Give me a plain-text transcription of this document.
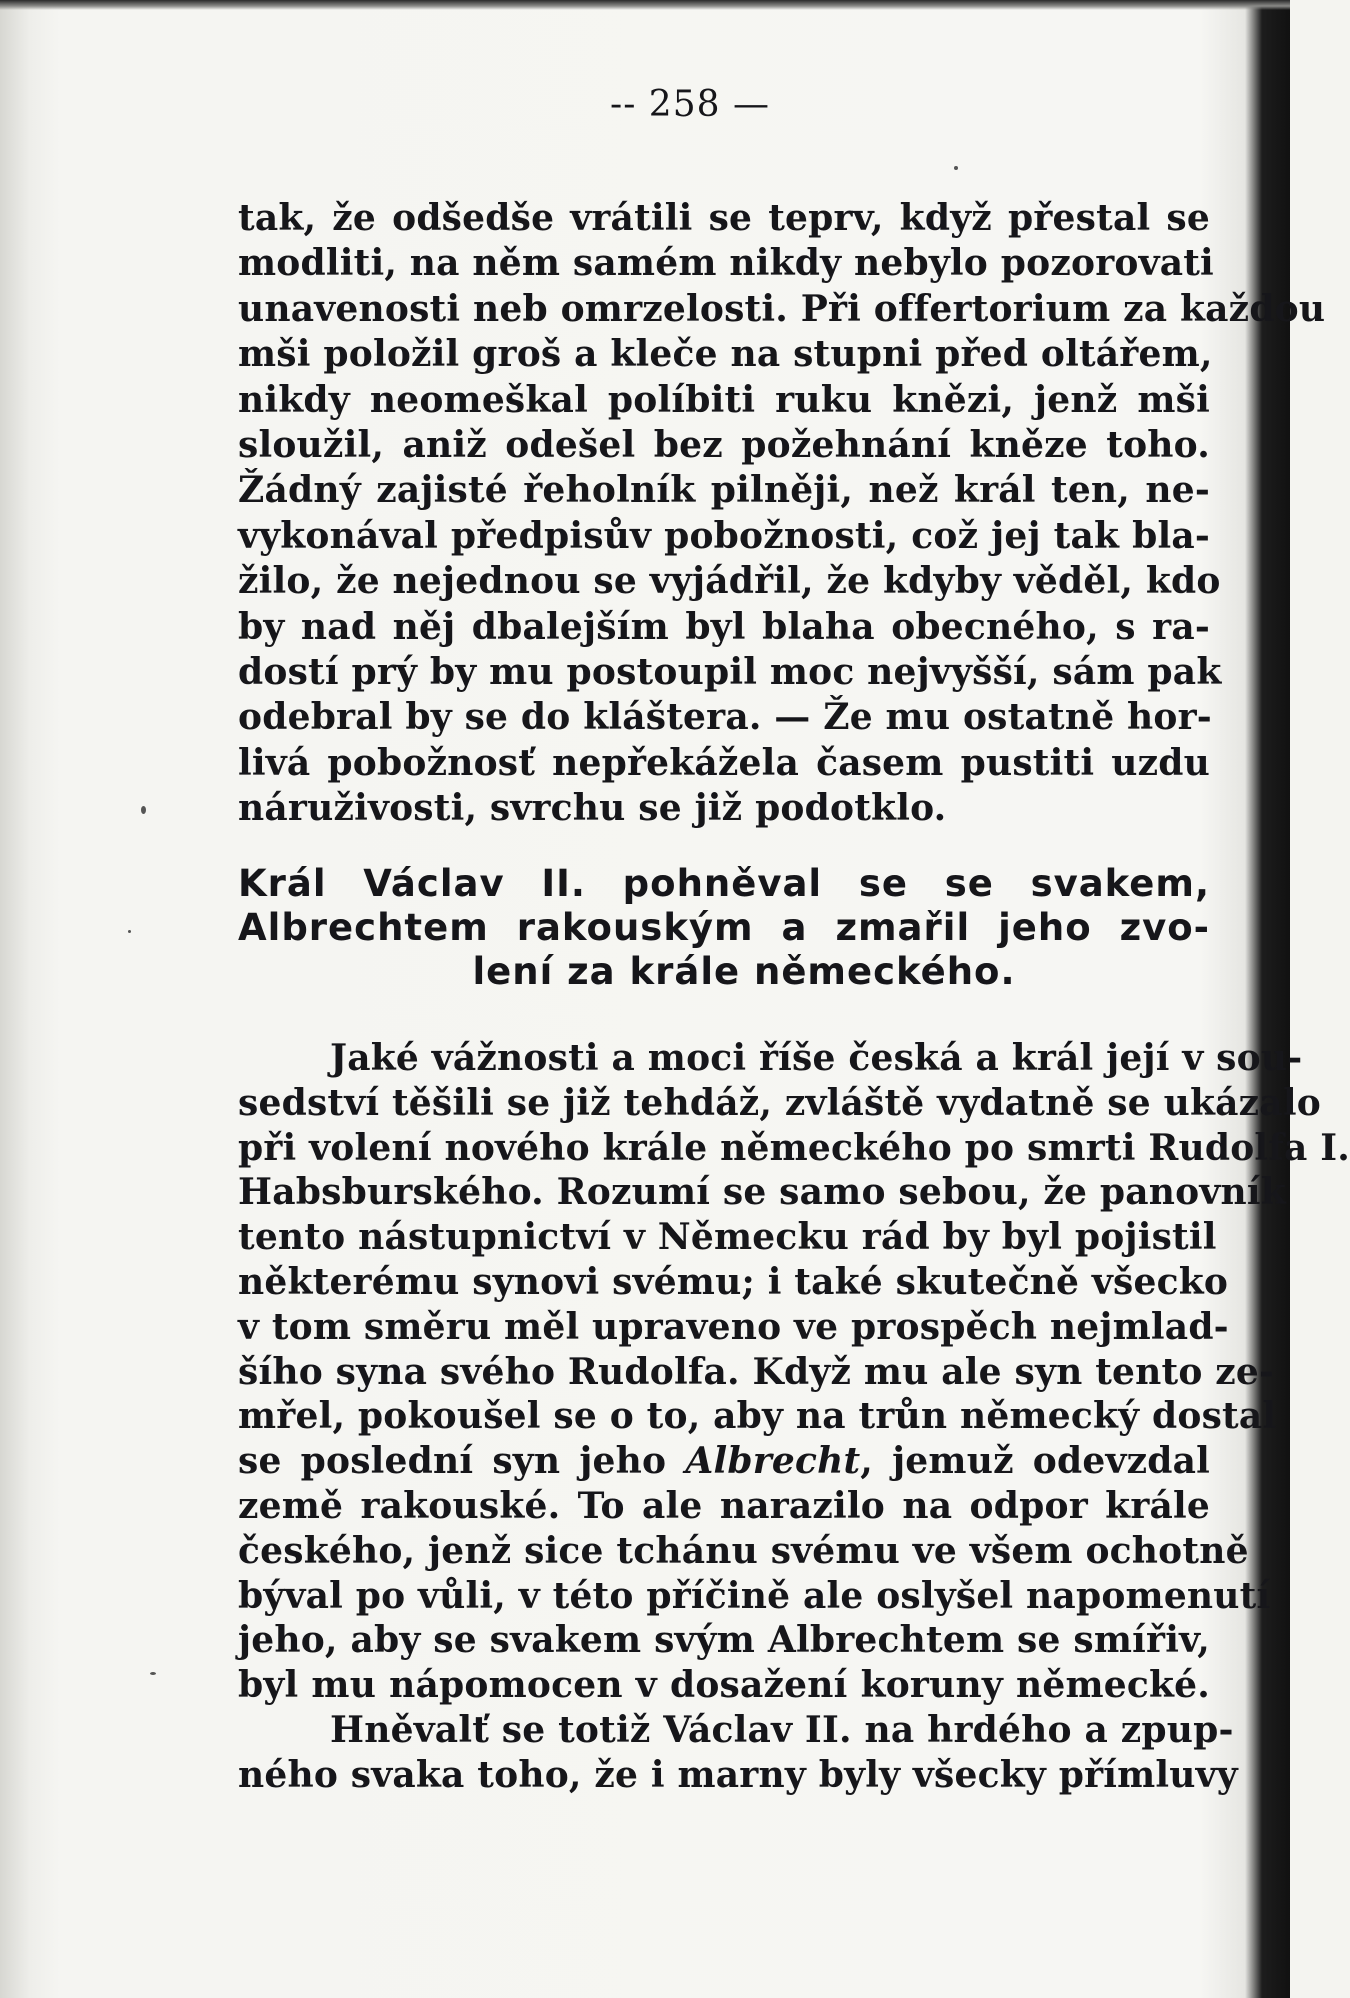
-- 258 —
tak, že odšedše vrátili se teprv, když přestal se
modliti, na něm samém nikdy nebylo pozorovati
unavenosti neb omrzelosti. Při offertorium za každou
mši položil groš a kleče na stupni před oltářem,
nikdy neomeškal políbiti ruku knězi, jenž mši
sloužil, aniž odešel bez požehnání kněze toho.
Žádný zajisté řeholník pilněji, než král ten, ne-
vykonával předpisův pobožnosti, což jej tak bla-
žilo, že nejednou se vyjádřil, že kdyby věděl, kdo
by nad něj dbalejším byl blaha obecného, s ra-
dostí prý by mu postoupil moc nejvyšší, sám pak
odebral by se do kláštera. — Že mu ostatně hor-
livá pobožnosť nepřekážela časem pustiti uzdu
náruživosti, svrchu se již podotklo.
Král Václav II. pohněval se se svakem,
Albrechtem rakouským a zmařil jeho zvo-
lení za krále německého.
Jaké vážnosti a moci říše česká a král její v sou-
sedství těšili se již tehdáž, zvláště vydatně se ukázalo
při volení nového krále německého po smrti Rudolfa I.
Habsburského. Rozumí se samo sebou, že panovník
tento nástupnictví v Německu rád by byl pojistil
některému synovi svému; i také skutečně všecko
v tom směru měl upraveno ve prospěch nejmlad-
šího syna svého Rudolfa. Když mu ale syn tento ze-
mřel, pokoušel se o to, aby na trůn německý dostal
se poslední syn jeho Albrecht, jemuž odevzdal
země rakouské. To ale narazilo na odpor krále
českého, jenž sice tchánu svému ve všem ochotně
býval po vůli, v této příčině ale oslyšel napomenutí
jeho, aby se svakem svým Albrechtem se smířiv,
byl mu nápomocen v dosažení koruny německé.
Hněvalť se totiž Václav II. na hrdého a zpup-
ného svaka toho, že i marny byly všecky přímluvy
